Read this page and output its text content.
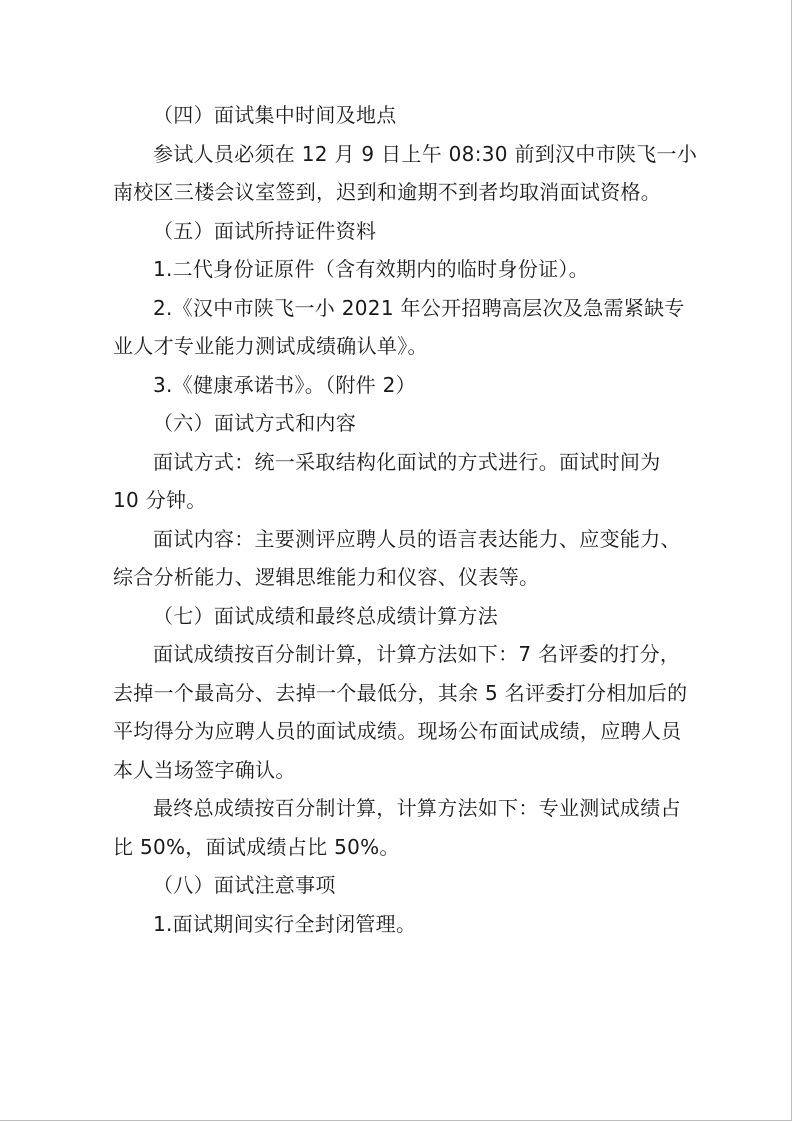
（四）面试集中时间及地点

参试人员必须在 12 月 9 日上午 08:30 前到汉中市陕飞一小

南校区三楼会议室签到，迟到和逾期不到者均取消面试资格。

（五）面试所持证件资料

1.二代身份证原件（含有效期内的临时身份证）。

2.《汉中市陕飞一小 2021 年公开招聘高层次及急需紧缺专

业人才专业能力测试成绩确认单》。

3.《健康承诺书》。（附件 2）

（六）面试方式和内容

面试方式：统一采取结构化面试的方式进行。面试时间为

10 分钟。

面试内容：主要测评应聘人员的语言表达能力、应变能力、

综合分析能力、逻辑思维能力和仪容、仪表等。

（七）面试成绩和最终总成绩计算方法

面试成绩按百分制计算，计算方法如下：7 名评委的打分，

去掉一个最高分、去掉一个最低分，其余 5 名评委打分相加后的

平均得分为应聘人员的面试成绩。现场公布面试成绩，应聘人员

本人当场签字确认。

最终总成绩按百分制计算，计算方法如下：专业测试成绩占

比 50%，面试成绩占比 50%。

（八）面试注意事项

1.面试期间实行全封闭管理。
